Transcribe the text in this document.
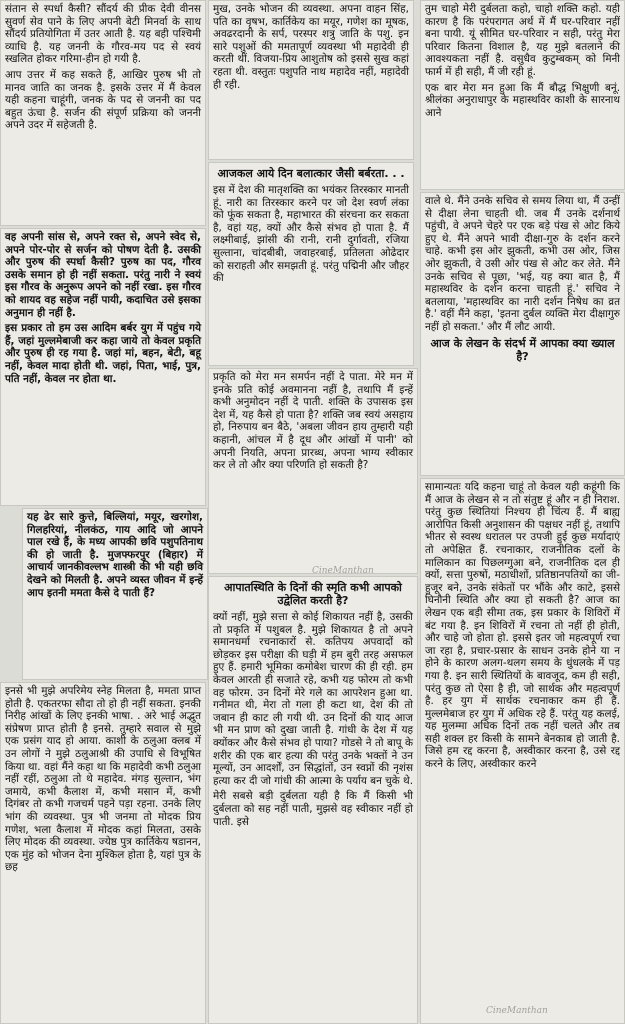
संतान से स्पर्धा कैसी? सौंदर्य की प्रीक देवी वीनस सुवर्ण सेव पाने के लिए अपनी बेटी मिनर्वा के साथ सौंदर्य प्रतियोगिता में उतर आती है. यह बही पश्चिमी व्याधि है. यह जननी के गौरव-मय पद से स्वयं स्खलित होकर गरिमा-हीन हो गयी है.

आप उत्तर में कह सकते हैं, आखिर पुरुष भी तो मानव जाति का जनक है. इसके उत्तर में मैं केवल यही कहना चाहूंगी, जनक के पद से जननी का पद बहुत ऊंचा है. सर्जन की संपूर्ण प्रक्रिया को जननी अपने उदर में सहेजती है.

वह अपनी सांस से, अपने रक्त से, अपने स्वेद से, अपने पोर-पोर से सर्जन को पोषण देती है. उसकी और पुरुष की स्पर्धा कैसी? पुरुष का पद, गौरव उसके समान हो ही नहीं सकता. परंतु नारी ने स्वयं इस गौरव के अनुरूप अपने को नहीं रखा. इस गौरव को शायद वह सहेज नहीं पायी, कदाचित उसे इसका अनुमान ही नहीं है.

इस प्रकार तो हम उस आदिम बर्बर युग में पहुंच गये हैं, जहां मुल्लमेबाजी कर कहा जाये तो केवल प्रकृति और पुरुष ही रह गया है. जहां मां, बहन, बेटी, बहू नहीं, केवल मादा होती थी. जहां, पिता, भाई, पुत्र, पति नहीं, केवल नर होता था.

यह ढेर सारे कुत्ते, बिल्लियां, मयूर, खरगोश, गिलहरियां, नीलकंठ, गाय आदि जो आपने पाल रखे हैं, के मध्य आपकी छवि पशुपतिनाथ की हो जाती है. मुजफ्फरपुर (बिहार) में आचार्य जानकीवल्लभ शास्त्री की भी यही छवि देखने को मिलती है. अपने व्यस्त जीवन में इन्हें आप इतनी ममता कैसे दे पाती हैं?

इनसे भी मुझे अपरिमेय स्नेह मिलता है, ममता प्राप्त होती है. एकतरफा सौदा तो हो ही नहीं सकता. इनकी निरीह आंखों के लिए इनकी भाषा. . अरे भाई अद्भुत संप्रेषण प्राप्त होती है इनसे. तुम्हारे सवाल से मुझे एक प्रसंग याद हो आया. काशी के ठलुआ क्लब में उन लोगों ने मुझे ठलुआश्री की उपाधि से विभूषित किया था. वहां मैंने कहा था कि महादेवी कभी ठलुआ नहीं रहीं, ठलुआ तो थे महादेव. मंगड़ सुल्तान, भंग जमाये, कभी कैलाश में, कभी मसान में, कभी दिगंबर तो कभी गजचर्म पहने पड़ा रहना. उनके लिए भांग की व्यवस्था. पुत्र भी जनमा तो मोदक प्रिय गणेश, भला कैलाश में मोदक कहां मिलता, उसके लिए मोदक की व्यवस्था. ज्येष्ठ पुत्र कार्तिकेय षडानन, एक मुंह को भोजन देना मुश्किल होता है, यहां पुत्र के छह

मुख, उनके भोजन की व्यवस्था. अपना वाहन सिंह, पति का वृषभ, कार्तिकेय का मयूर, गणेश का मूषक, अवढरदानी के सर्प, परस्पर शत्रु जाति के पशु. इन सारे पशुओं की ममतापूर्ण व्यवस्था भी महादेवी ही करती थीं. विजया-प्रिय आशुतोष को इससे सुख कहां रहता थी. वस्तुतः पशुपति नाथ महादेव नहीं, महादेवी ही रही.

आजकल आये दिन बलात्कार जैसी बर्बरता. . .

इस में देश की मातृशक्ति का भयंकर तिरस्कार मानती हूं. नारी का तिरस्कार करने पर जो देश स्वर्ण लंका को फूंक सकता है, महाभारत की संरचना कर सकता है, वहां यह, क्यों और कैसे संभव हो पाता है. मैं लक्ष्मीबाई, झांसी की रानी, रानी दुर्गावती, रजिया सुल्ताना, चांदबीबी, जवाहरबाई, प्रतिलता ओढेदार को सराहती और समझती हूं. परंतु पद्मिनी और जौहर की

प्रकृति को मेरा मन समर्पन नहीं दे पाता. मेरे मन में इनके प्रति कोई अवमानना नहीं है, तथापि मैं इन्हें कभी अनुमोदन नहीं दे पाती. शक्ति के उपासक इस देश में, यह कैसे हो पाता है? शक्ति जब स्वयं असहाय हो, निरुपाय बन बैठे, 'अबला जीवन हाय तुम्हारी यही कहानी, आंचल में है दूध और आंखों में पानी' को अपनी नियति, अपना प्रारब्ध, अपना भाग्य स्वीकार कर ले तो और क्या परिणति हो सकती है?

आपातस्थिति के दिनों की स्मृति कभी आपको उद्वेलित करती है?

क्यों नहीं, मुझे सत्ता से कोई शिकायत नहीं है, उसकी तो प्रकृति में पशुबल है. मुझे शिकायत है तो अपने समानधर्मा रचनाकारों से. कतिपय अपवादों को छोड़कर इस परीक्षा की घड़ी में हम बुरी तरह असफल हुए हैं. हमारी भूमिका कमोबेश चारण की ही रही. हम केवल आरती ही सजाते रहे, कभी यह फोरम तो कभी वह फोरम. उन दिनों मेरे गले का आपरेशन हुआ था. गनीमत थी, मेरा तो गला ही कटा था, देश की तो जबान ही काट ली गयी थी. उन दिनों की याद आज भी मन प्राण को दुखा जाती है. गांधी के देश में यह क्योंकर और कैसे संभव हो पाया? गोडसे ने तो बापू के शरीर की एक बार हत्या की परंतु उनके भक्तों ने उन मूल्यों, उन आदर्शों, उन सिद्धांतों, उन स्वप्नों की नृशंस हत्या कर दी जो गांधी की आत्मा के पर्याय बन चुके थे.

मेरी सबसे बड़ी दुर्बलता यही है कि मैं किसी भी दुर्बलता को सह नहीं पाती, मुझसे वह स्वीकार नहीं हो पाती. इसे

तुम चाहो मेरी दुर्बलता कहो, चाहो शक्ति कहो. यही कारण है कि परंपरागत अर्थ में मैं घर-परिवार नहीं बना पायी. यूं सीमित घर-परिवार न सही, परंतु मेरा परिवार कितना विशाल है, यह मुझे बतलाने की आवश्यकता नहीं है. वसुधैव कुटुम्बकम् को मिनी फार्म में ही सही, मैं जी रही हूं.

एक बार मेरा मन हुआ कि मैं बौद्ध भिक्षुणी बनूं. श्रीलंका अनुराधापुर के महास्थविर काशी के सारनाथ आने

वाले थे. मैंने उनके सचिव से समय लिया था, मैं उन्हीं से दीक्षा लेना चाहती थी. जब मैं उनके दर्शनार्थ पहुंची, वे अपने चेहरे पर एक बड़े पंख से ओट किये हुए थे. मैंने अपने भावी दीक्षा-गुरु के दर्शन करने चाहे. कभी इस ओर झुकती, कभी उस ओर, जिस ओर झुकती, वे उसी ओर पंख से ओट कर लेते. मैंने उनके सचिव से पूछा, 'भई, यह क्या बात है, मैं महास्थविर के दर्शन करना चाहती हूं.' सचिव ने बतलाया, 'महास्थविर का नारी दर्शन निषेध का व्रत है.' वहीं मैंने कहा, 'इतना दुर्बल व्यक्ति मेरा दीक्षागुरु नहीं हो सकता.' और मैं लौट आयी.

आज के लेखन के संदर्भ में आपका क्या ख्याल है?

सामान्यतः यदि कहना चाहूं तो केवल यही कहूंगी कि मैं आज के लेखन से न तो संतुष्ट हूं और न ही निराश. परंतु कुछ स्थितियां निश्चय ही चिंत्य हैं. मैं बाह्य आरोपित किसी अनुशासन की पक्षधर नहीं हूं, तथापि भीतर से स्वस्थ धरातल पर उपजी हुई कुछ मर्यादाएं तो अपेक्षित हैं. रचनाकार, राजनीतिक दलों के मालिकान का पिछलग्गुआ बने, राजनीतिक दल ही क्यों, सत्ता पुरुषों, मठाधीशों, प्रतिष्ठानपतियों का जी-हुजूर बने, उनके संकेतों पर भौंके और काटे, इससे घिनौनी स्थिति और क्या हो सकती है? आज का लेखन एक बड़ी सीमा तक, इस प्रकार के शिविरों में बंट गया है. इन शिविरों में रचना तो नहीं ही होती, और चाहे जो होता हो. इससे इतर जो महत्वपूर्ण रचा जा रहा है, प्रचार-प्रसार के साधन उनके होने या न होने के कारण अलग-थलग समय के धुंधलके में पड़ गया है. इन सारी स्थितियों के बावजूद, कम ही सही, परंतु कुछ तो ऐसा है ही, जो सार्थक और महत्वपूर्ण है. हर युग में सार्थक रचनाकार कम ही हैं. मुल्लमेबाज हर युग में अधिक रहे हैं. परंतु यह कलई, यह मुलम्मा अधिक दिनों तक नहीं चलते और तब सही शक्ल हर किसी के सामने बेनकाब हो जाती है. जिसे हम रद्द करना है, अस्वीकार करना है, उसे रद्द करने के लिए, अस्वीकार करने

CineManthan
CineManthan
